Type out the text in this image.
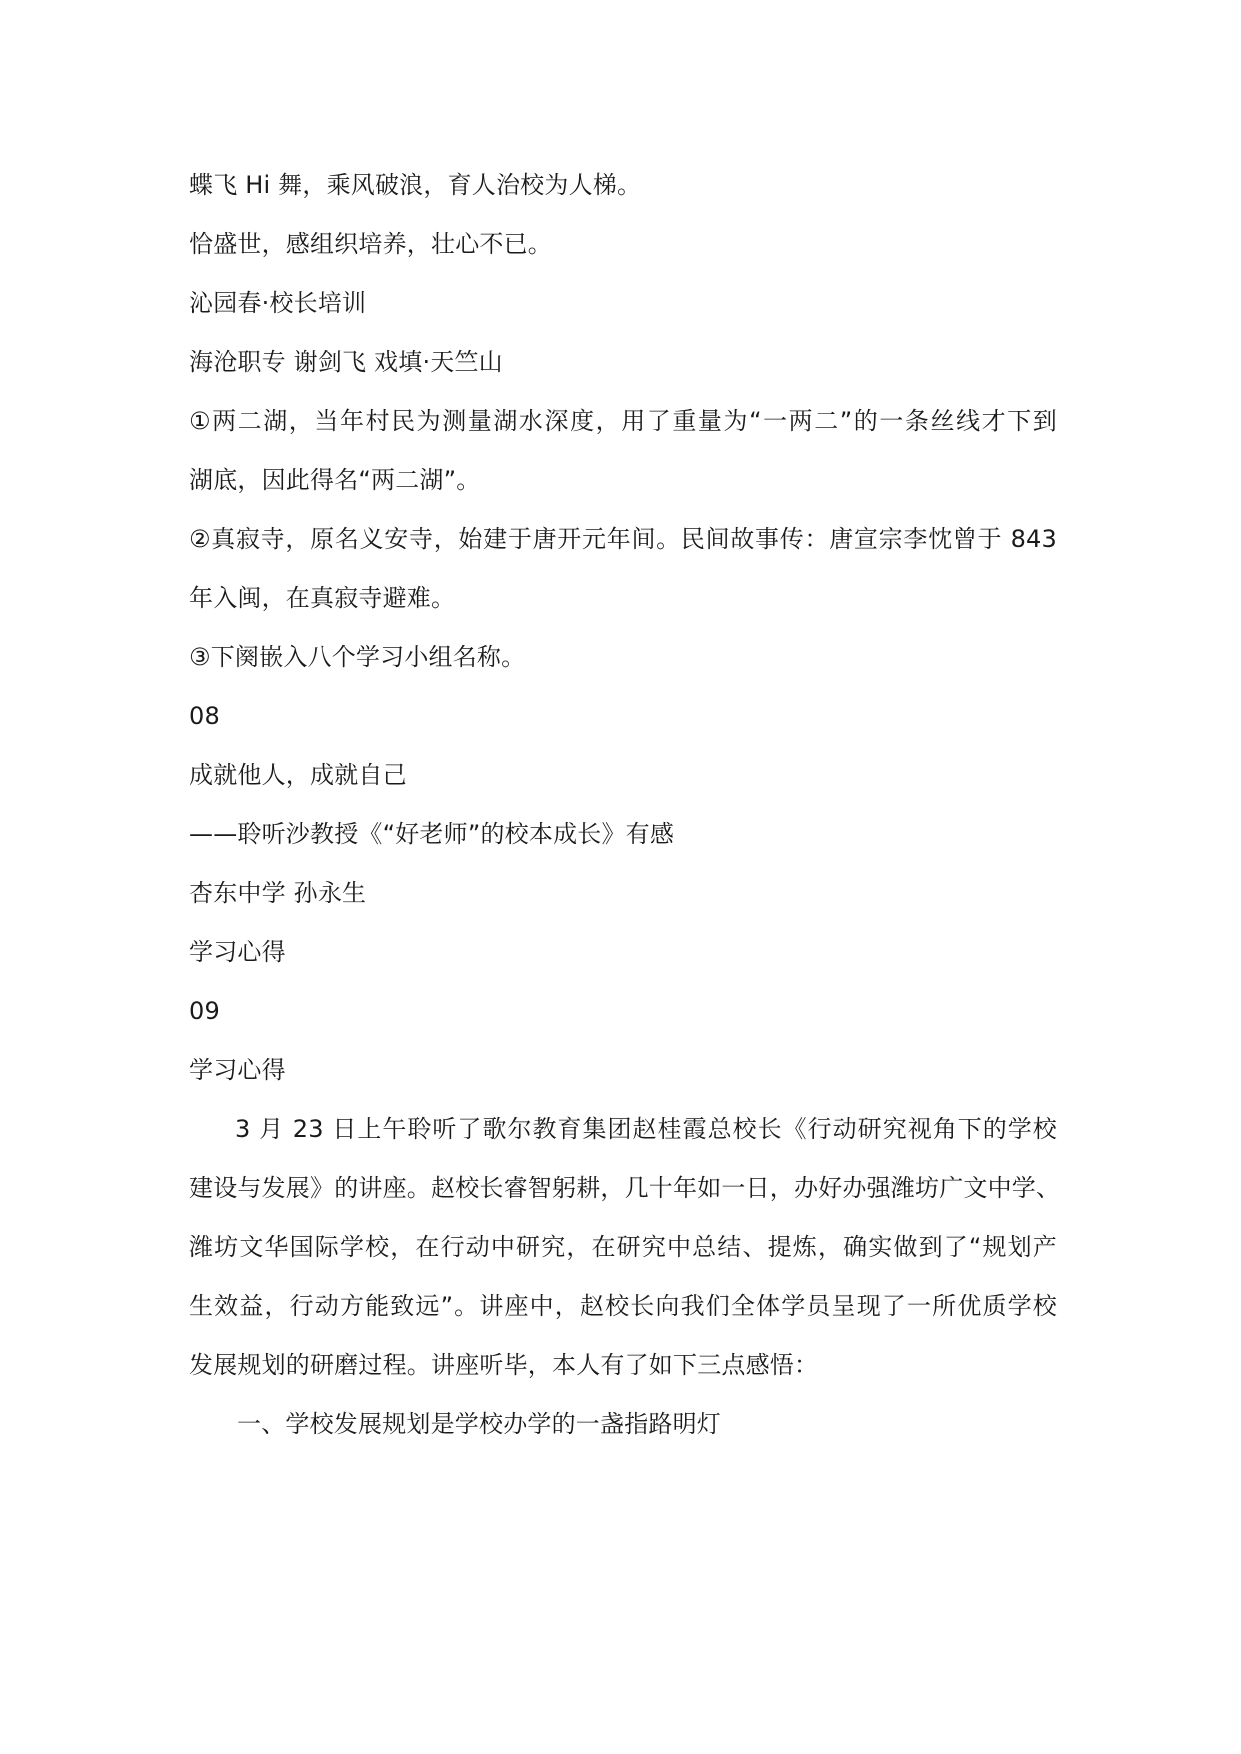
蝶飞 Hi 舞，乘风破浪，育人治校为人梯。
恰盛世，感组织培养，壮心不已。
沁园春·校长培训
海沧职专 谢剑飞 戏填·天竺山
①两二湖，当年村民为测量湖水深度，用了重量为“一两二”的一条丝线才下到
湖底，因此得名“两二湖”。
②真寂寺，原名义安寺，始建于唐开元年间。民间故事传：唐宣宗李忱曾于 843
年入闽，在真寂寺避难。
③下阕嵌入八个学习小组名称。
08
成就他人，成就自己
——聆听沙教授《“好老师”的校本成长》有感
杏东中学 孙永生
学习心得
09
学习心得
3 月 23 日上午聆听了歌尔教育集团赵桂霞总校长《行动研究视角下的学校
建设与发展》的讲座。赵校长睿智躬耕，几十年如一日，办好办强潍坊广文中学、
潍坊文华国际学校，在行动中研究，在研究中总结、提炼，确实做到了“规划产
生效益，行动方能致远”。讲座中，赵校长向我们全体学员呈现了一所优质学校
发展规划的研磨过程。讲座听毕，本人有了如下三点感悟：
一、学校发展规划是学校办学的一盏指路明灯
